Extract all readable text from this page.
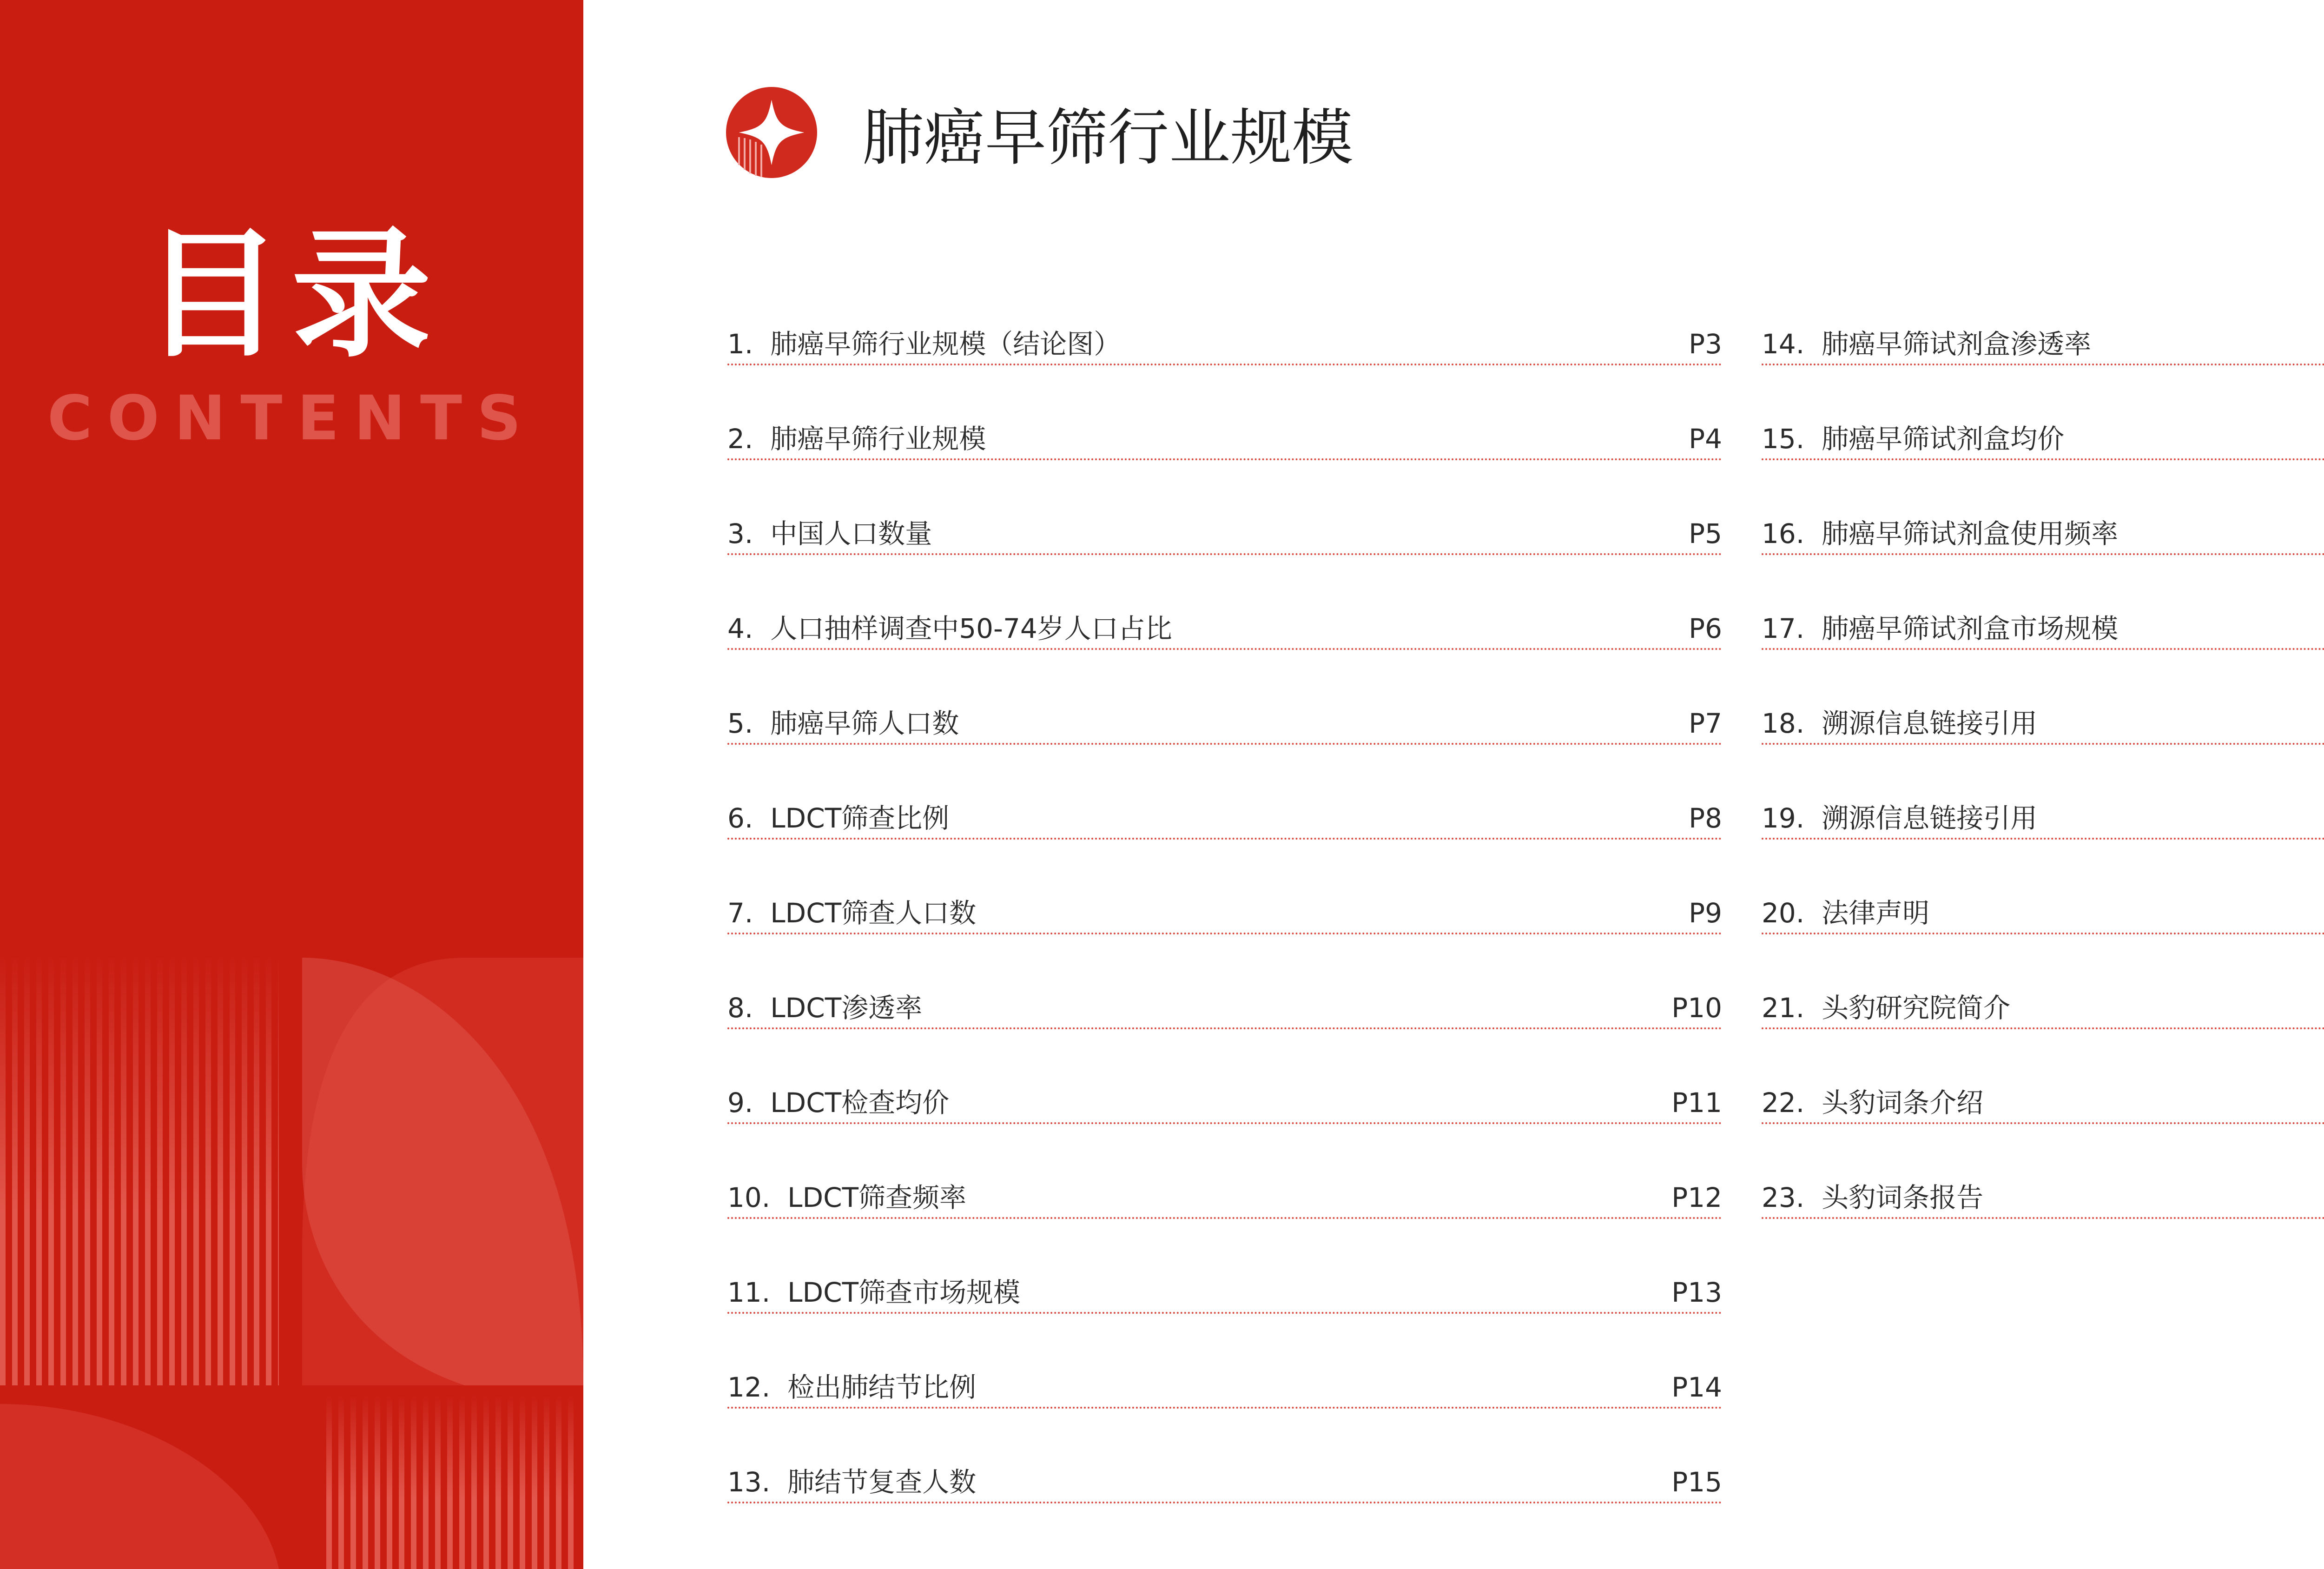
目录
CONTENTS
肺癌早筛行业规模
1. 肺癌早筛行业规模（结论图）	P3
2. 肺癌早筛行业规模	P4
3. 中国人口数量	P5
4. 人口抽样调查中50-74岁人口占比	P6
5. 肺癌早筛人口数	P7
6. LDCT筛查比例	P8
7. LDCT筛查人口数	P9
8. LDCT渗透率	P10
9. LDCT检查均价	P11
10. LDCT筛查频率	P12
11. LDCT筛查市场规模	P13
12. 检出肺结节比例	P14
13. 肺结节复查人数	P15
14. 肺癌早筛试剂盒渗透率
15. 肺癌早筛试剂盒均价
16. 肺癌早筛试剂盒使用频率
17. 肺癌早筛试剂盒市场规模
18. 溯源信息链接引用
19. 溯源信息链接引用
20. 法律声明
21. 头豹研究院简介
22. 头豹词条介绍
23. 头豹词条报告
